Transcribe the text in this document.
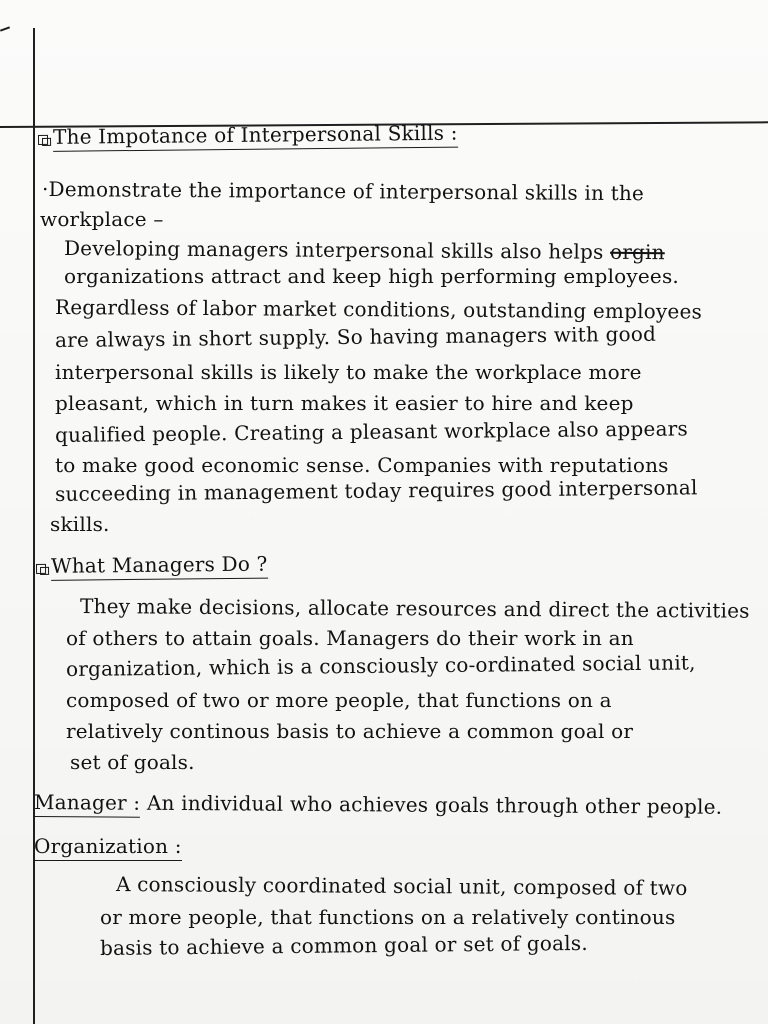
The Impotance of Interpersonal Skills :
·Demonstrate the importance of interpersonal skills in the
workplace –
Developing managers interpersonal skills also helps orgin
organizations attract and keep high performing employees.
Regardless of labor market conditions, outstanding employees
are always in short supply. So having managers with good
interpersonal skills is likely to make the workplace more
pleasant, which in turn makes it easier to hire and keep
qualified people. Creating a pleasant workplace also appears
to make good economic sense. Companies with reputations
succeeding in management today requires good interpersonal
skills.
What Managers Do ?
They make decisions, allocate resources and direct the activities
of others to attain goals. Managers do their work in an
organization, which is a consciously co-ordinated social unit,
composed of two or more people, that functions on a
relatively continous basis to achieve a common goal or
set of goals.
Manager : An individual who achieves goals through other people.
Organization :
A consciously coordinated social unit, composed of two
or more people, that functions on a relatively continous
basis to achieve a common goal or set of goals.
